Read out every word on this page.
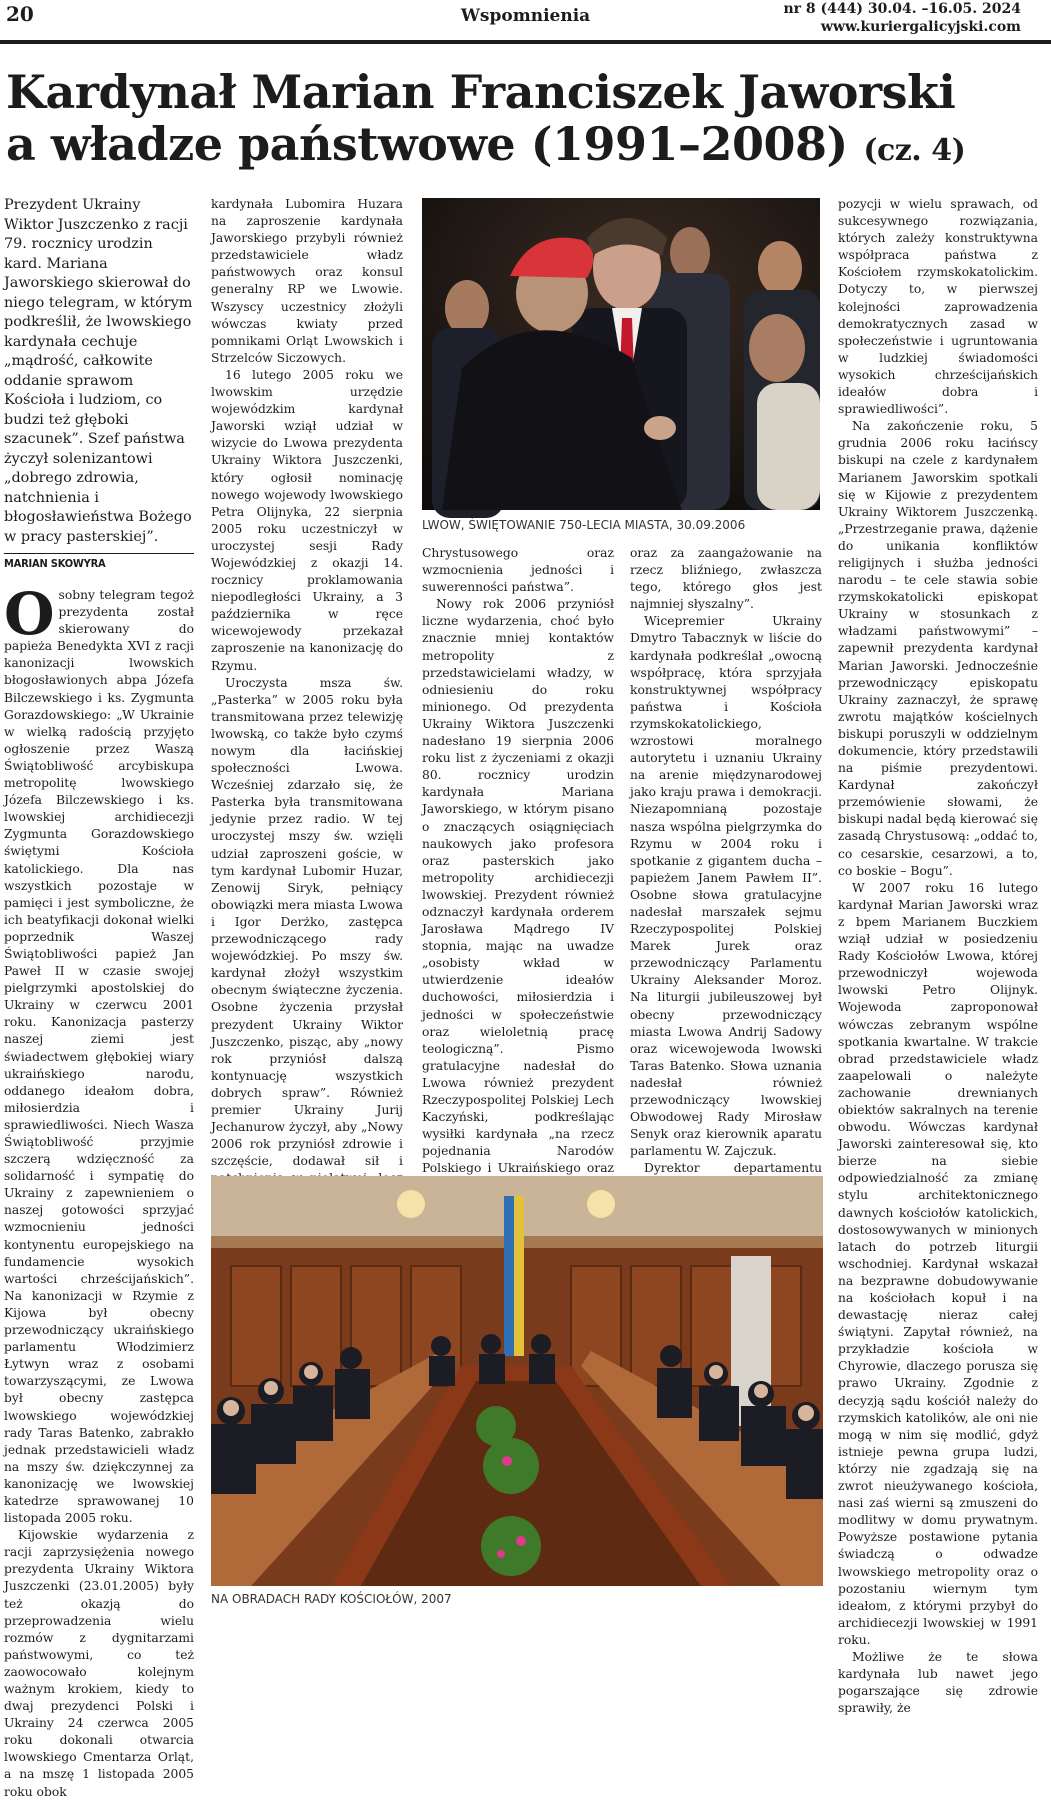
20	Wspomnienia	nr 8 (444) 30.04. –16.05. 2024
www.kuriergalicyjski.com
Kardynał Marian Franciszek Jaworski
a władze państwowe (1991–2008) (cz. 4)
Prezydent Ukrainy Wiktor Juszczenko z racji 79. rocznicy urodzin kard. Mariana Jaworskiego skierował do niego telegram, w którym podkreślił, że lwowskiego kardynała cechuje „mądrość, całkowite oddanie sprawom Kościoła i ludziom, co budzi też głęboki szacunek”. Szef państwa życzył solenizantowi „dobrego zdrowia, natchnienia i błogosławieństwa Bożego w pracy pasterskiej”.
MARIAN SKOWYRA

Osobny telegram tegoż prezydenta został skierowany do papieża Benedykta XVI z racji kanonizacji lwowskich błogosławionych abpa Józefa Bilczewskiego i ks. Zygmunta Gorazdowskiego: „W Ukrainie w wielką radością przyjęto ogłoszenie przez Waszą Świątobliwość arcybiskupa metropolitę lwowskiego Józefa Bilczewskiego i ks. lwowskiej archidiecezji Zygmunta Gorazdowskiego świętymi Kościoła katolickiego. Dla nas wszystkich pozostaje w pamięci i jest symboliczne, że ich beatyfikacji dokonał wielki poprzednik Waszej Świątobliwości papież Jan Paweł II w czasie swojej pielgrzymki apostolskiej do Ukrainy w czerwcu 2001 roku. Kanonizacja pasterzy naszej ziemi jest świadectwem głębokiej wiary ukraińskiego narodu, oddanego ideałom dobra, miłosierdzia i sprawiedliwości. Niech Wasza Świątobliwość przyjmie szczerą wdzięczność za solidarność i sympatię do Ukrainy z zapewnieniem o naszej gotowości sprzyjać wzmocnieniu jedności kontynentu europejskiego na fundamencie wysokich wartości chrześcijańskich”. Na kanonizacji w Rzymie z Kijowa był obecny przewodniczący ukraińskiego parlamentu Włodzimierz Łytwyn wraz z osobami towarzyszącymi, ze Lwowa był obecny zastępca lwowskiego wojewódzkiej rady Taras Batenko, zabrakło jednak przedstawicieli władz na mszy św. dziękczynnej za kanonizację we lwowskiej katedrze sprawowanej 10 listopada 2005 roku.

Kijowskie wydarzenia z racji zaprzysiężenia nowego prezydenta Ukrainy Wiktora Juszczenki (23.01.2005) były też okazją do przeprowadzenia wielu rozmów z dygnitarzami państwowymi, co też zaowocowało kolejnym ważnym krokiem, kiedy to dwaj prezydenci Polski i Ukrainy 24 czerwca 2005 roku dokonali otwarcia lwowskiego Cmentarza Orląt, a na mszę 1 listopada 2005 roku obok

kardynała Lubomira Huzara na zaproszenie kardynała Jaworskiego przybyli również przedstawiciele władz państwowych oraz konsul generalny RP we Lwowie. Wszyscy uczestnicy złożyli wówczas kwiaty przed pomnikami Orląt Lwowskich i Strzelców Siczowych.

16 lutego 2005 roku we lwowskim urzędzie wojewódzkim kardynał Jaworski wziął udział w wizycie do Lwowa prezydenta Ukrainy Wiktora Juszczenki, który ogłosił nominację nowego wojewody lwowskiego Petra Olijnyka, 22 sierpnia 2005 roku uczestniczył w uroczystej sesji Rady Wojewódzkiej z okazji 14. rocznicy proklamowania niepodległości Ukrainy, a 3 października w ręce wicewojewody przekazał zaproszenie na kanonizację do Rzymu.

Uroczysta msza św. „Pasterka” w 2005 roku była transmitowana przez telewizję lwowską, co także było czymś nowym dla łacińskiej społeczności Lwowa. Wcześniej zdarzało się, że Pasterka była transmitowana jedynie przez radio. W tej uroczystej mszy św. wzięli udział zaproszeni goście, w tym kardynał Lubomir Huzar, Zenowij Siryk, pełniący obowiązki mera miasta Lwowa i Igor Derżko, zastępca przewodniczącego rady wojewódzkiej. Po mszy św. kardynał złożył wszystkim obecnym świąteczne życzenia. Osobne życzenia przysłał prezydent Ukrainy Wiktor Juszczenko, pisząc, aby „nowy rok przyniósł dalszą kontynuację wszystkich dobrych spraw”. Również premier Ukrainy Jurij Jechanurow życzył, aby „Nowy 2006 rok przyniósł zdrowie i szczęście, dodawał sił i

LWOW, ŚWIĘTOWANIE 750-LECIA MIASTA, 30.09.2006

Chrystusowego oraz wzmocnienia jedności i suwerenności państwa”.

Nowy rok 2006 przyniósł liczne wydarzenia, choć było znacznie mniej kontaktów metropolity z przedstawicielami władzy, w odniesieniu do roku minionego. Od prezydenta Ukrainy Wiktora Juszczenki nadesłano 19 sierpnia 2006 roku list z życzeniami z okazji 80. rocznicy urodzin kardynała Mariana Jaworskiego, w którym pisano o znaczących osiągnięciach naukowych jako profesora oraz pasterskich jako metropolity archidiecezji lwowskiej. Prezydent również odznaczył kardynała orderem Jarosława Mądrego IV stopnia, mając na uwadze „osobisty wkład w utwierdzenie ideałów duchowości, miłosierdzia i jedności w społeczeństwie oraz wieloletnią pracę teologiczną”. Pismo gratulacyjne nadesłał do Lwowa również prezydent Rzeczypospolitej Polskiej Lech Kaczyński, podkreślając wysiłki kardynała „na rzecz pojednania Narodów Polskiego i Ukraińskiego oraz

oraz za zaangażowanie na rzecz bliźniego, zwłaszcza tego, którego głos jest najmniej słyszalny”.

Wicepremier Ukrainy Dmytro Tabacznyk w liście do kardynała podkreślał „owocną współpracę, która sprzyjała konstruktywnej współpracy państwa i Kościoła rzymskokatolickiego, wzrostowi moralnego autorytetu i uznaniu Ukrainy na arenie międzynarodowej jako kraju prawa i demokracji. Niezapomnianą pozostaje nasza wspólna pielgrzymka do Rzymu w 2004 roku i spotkanie z gigantem ducha – papieżem Janem Pawłem II”. Osobne słowa gratulacyjne nadesłał marszałek sejmu Rzeczypospolitej Polskiej Marek Jurek oraz przewodniczący Parlamentu Ukrainy Aleksander Moroz. Na liturgii jubileuszowej był obecny przewodniczący miasta Lwowa Andrij Sadowy oraz wicewojewoda lwowski Taras Batenko. Słowa uznania nadesłał również przewodniczący lwowskiej Obwodowej Rady Mirosław Senyk oraz kierownik aparatu parlamentu W. Zajczuk.

Dyrektor departamentu

pozycji w wielu sprawach, od sukcesywnego rozwiązania, których zależy konstruktywna współpraca państwa z Kościołem rzymskokatolickim. Dotyczy to, w pierwszej kolejności zaprowadzenia demokratycznych zasad w społeczeństwie i ugruntowania w ludzkiej świadomości wysokich chrześcijańskich ideałów dobra i sprawiedliwości”.

Na zakończenie roku, 5 grudnia 2006 roku łacińscy biskupi na czele z kardynałem Marianem Jaworskim spotkali się w Kijowie z prezydentem Ukrainy Wiktorem Juszczenką. „Przestrzeganie prawa, dążenie do unikania konfliktów religijnych i służba jedności narodu – te cele stawia sobie rzymskokatolicki episkopat Ukrainy w stosunkach z władzami państwowymi” – zapewnił prezydenta kardynał Marian Jaworski. Jednocześnie przewodniczący episkopatu Ukrainy zaznaczył, że sprawę zwrotu majątków kościelnych biskupi poruszyli w oddzielnym dokumencie, który przedstawili na piśmie prezydentowi. Kardynał zakończył przemówienie słowami, że biskupi nadal będą kierować się zasadą Chrystusową: „oddać to, co cesarskie, cesarzowi, a to, co boskie – Bogu”.

W 2007 roku 16 lutego kardynał Marian Jaworski wraz z bpem Marianem Buczkiem wziął udział w posiedzeniu Rady Kościołów Lwowa, której przewodniczył wojewoda lwowski Petro Olijnyk. Wojewoda zaproponował wówczas zebranym wspólne spotkania kwartalne. W trakcie obrad przedstawiciele władz zaapelowali o należyte zachowanie drewnianych obiektów sakralnych na terenie obwodu. Wówczas kardynał Jaworski zainteresował się, kto bierze na siebie odpowiedzialność za zmianę stylu architektonicznego dawnych kościołów katolickich, dostosowywanych w minionych latach do potrzeb liturgii wschodniej. Kardynał wskazał na bezprawne dobudowywanie na kościołach kopuł i na dewastację nieraz całej świątyni. Zapytał również, na przykładzie kościoła w Chyrowie, dlaczego porusza się prawo Ukrainy. Zgodnie z decyzją sądu kościół należy do rzymskich katolików, ale oni nie mogą w nim się modlić, gdyż istnieje pewna grupa ludzi, którzy nie zgadzają się na zwrot nieużywanego kościoła, nasi zaś wierni są zmuszeni do modlitwy w domu prywatnym. Powyższe postawione pytania świadczą o odwadze lwowskiego metropolity oraz o pozostaniu wiernym tym ideałom, z którymi przybył do archidiecezji lwowskiej w 1991 roku.

Możliwe że te słowa kardynała lub nawet jego pogarszające się zdrowie sprawiły, że

NA OBRADACH RADY KOŚCIOŁÓW, 2007
